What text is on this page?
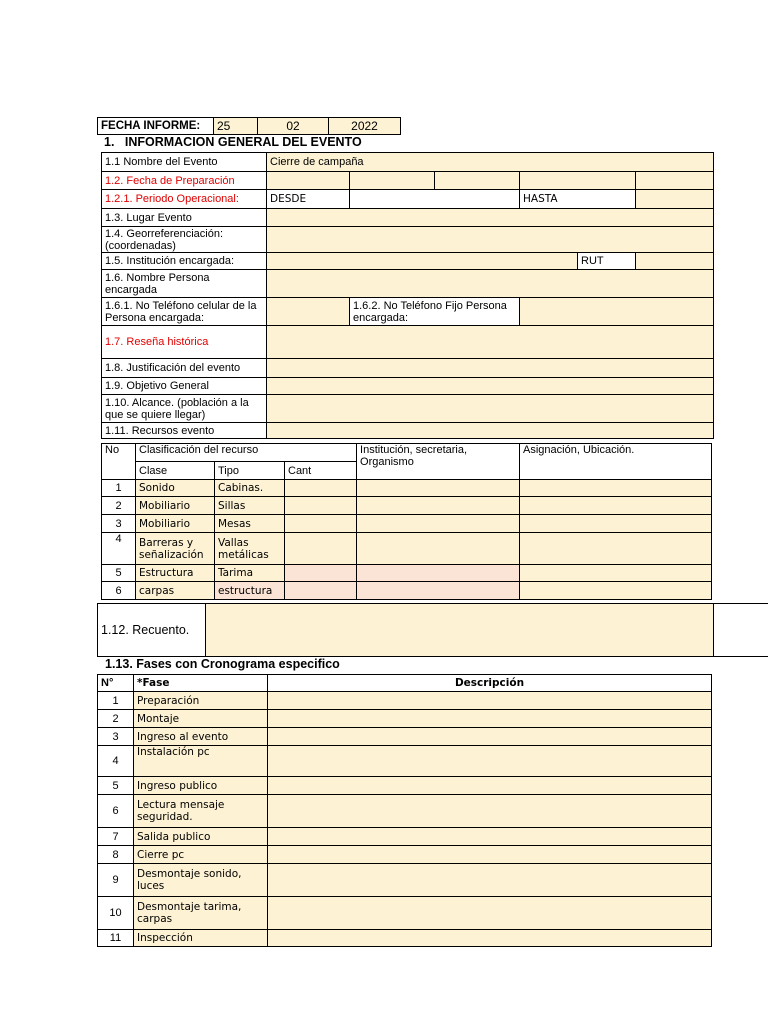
FECHA INFORME:	25	02	2022
1. INFORMACION GENERAL DEL EVENTO
1.1 Nombre del Evento	Cierre de campaña					
1.2. Fecha de Preparación						
1.2.1. Periodo Operacional:	DESDE			HASTA		
1.3. Lugar Evento						
1.4. Georreferenciación: (coordenadas)						
1.5. Institución encargada:					RUT	
1.6. Nombre Persona encargada						
1.6.1. No Teléfono celular de la Persona encargada:		1.6.2. No Teléfono Fijo Persona encargada:				
1.7. Reseña histórica						
1.8. Justificación del evento						
1.9. Objetivo General						
1.10. Alcance. (población a la que se quiere llegar)						
1.11. Recursos evento						
No	Clasificación del recurso			Institución, secretaria, Organismo	Asignación, Ubicación.
	Clase	Tipo	Cant		
1	Sonido	Cabinas.			
2	Mobiliario	Sillas			
3	Mobiliario	Mesas			
4	Barreras y señalización	Vallas metálicas			
5	Estructura	Tarima			
6	carpas	estructura			
1.12. Recuento.	
1.13. Fases con Cronograma especifico
N°	*Fase	Descripción
1	Preparación	
2	Montaje	
3	Ingreso al evento	
4	Instalación pc	
5	Ingreso publico	
6	Lectura mensaje seguridad.	
7	Salida publico	
8	Cierre pc	
9	Desmontaje sonido, luces	
10	Desmontaje tarima, carpas	
11	Inspección	
